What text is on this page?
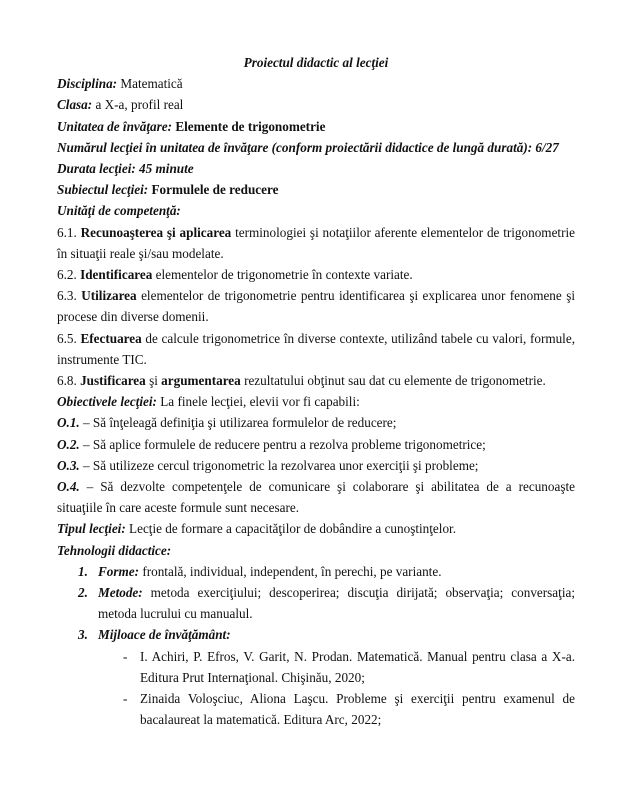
Proiectul didactic al lecţiei

Disciplina: Matematică

Clasa: a X-a, profil real

Unitatea de învăţare: Elemente de trigonometrie

Numărul lecţiei în unitatea de învăţare (conform proiectării didactice de lungă durată): 6/27

Durata lecţiei: 45 minute

Subiectul lecţiei: Formulele de reducere

Unităţi de competenţă:

6.1. Recunoaşterea şi aplicarea terminologiei şi notaţiilor aferente elementelor de trigonometrie în situaţii reale şi/sau modelate.

6.2. Identificarea elementelor de trigonometrie în contexte variate.

6.3. Utilizarea elementelor de trigonometrie pentru identificarea şi explicarea unor fenomene şi procese din diverse domenii.

6.5. Efectuarea de calcule trigonometrice în diverse contexte, utilizând tabele cu valori, formule, instrumente TIC.

6.8. Justificarea şi argumentarea rezultatului obţinut sau dat cu elemente de trigonometrie.

Obiectivele lecţiei: La finele lecţiei, elevii vor fi capabili:

O.1. – Să înţeleagă definiţia şi utilizarea formulelor de reducere;

O.2. – Să aplice formulele de reducere pentru a rezolva probleme trigonometrice;

O.3. – Să utilizeze cercul trigonometric la rezolvarea unor exerciţii şi probleme;

O.4. – Să dezvolte competenţele de comunicare şi colaborare şi abilitatea de a recunoaşte situaţiile în care aceste formule sunt necesare.

Tipul lecţiei: Lecţie de formare a capacităţilor de dobândire a cunoştinţelor.

Tehnologii didactice:

1. Forme: frontală, individual, independent, în perechi, pe variante.
2. Metode: metoda exerciţiului; descoperirea; discuţia dirijată; observaţia; conversaţia; metoda lucrului cu manualul.
3. Mijloace de învăţământ:
- I. Achiri, P. Efros, V. Garit, N. Prodan. Matematică. Manual pentru clasa a X-a. Editura Prut Internaţional. Chişinău, 2020;
- Zinaida Voloşciuc, Aliona Laşcu. Probleme şi exerciţii pentru examenul de bacalaureat la matematică. Editura Arc, 2022;
